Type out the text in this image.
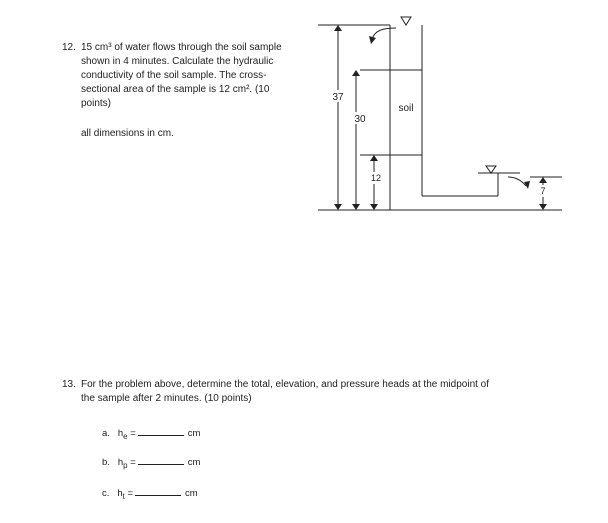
12. 15 cm³ of water flows through the soil sample
shown in 4 minutes. Calculate the hydraulic
conductivity of the soil sample. The cross-
sectional area of the sample is 12 cm². (10
points)
all dimensions in cm.
37
30
12
7
soil
13. For the problem above, determine the total, elevation, and pressure heads at the midpoint of
the sample after 2 minutes. (10 points)
a. $h_e$ =	cm
b. $h_p$ =	cm
c. $h_t$ =	cm
